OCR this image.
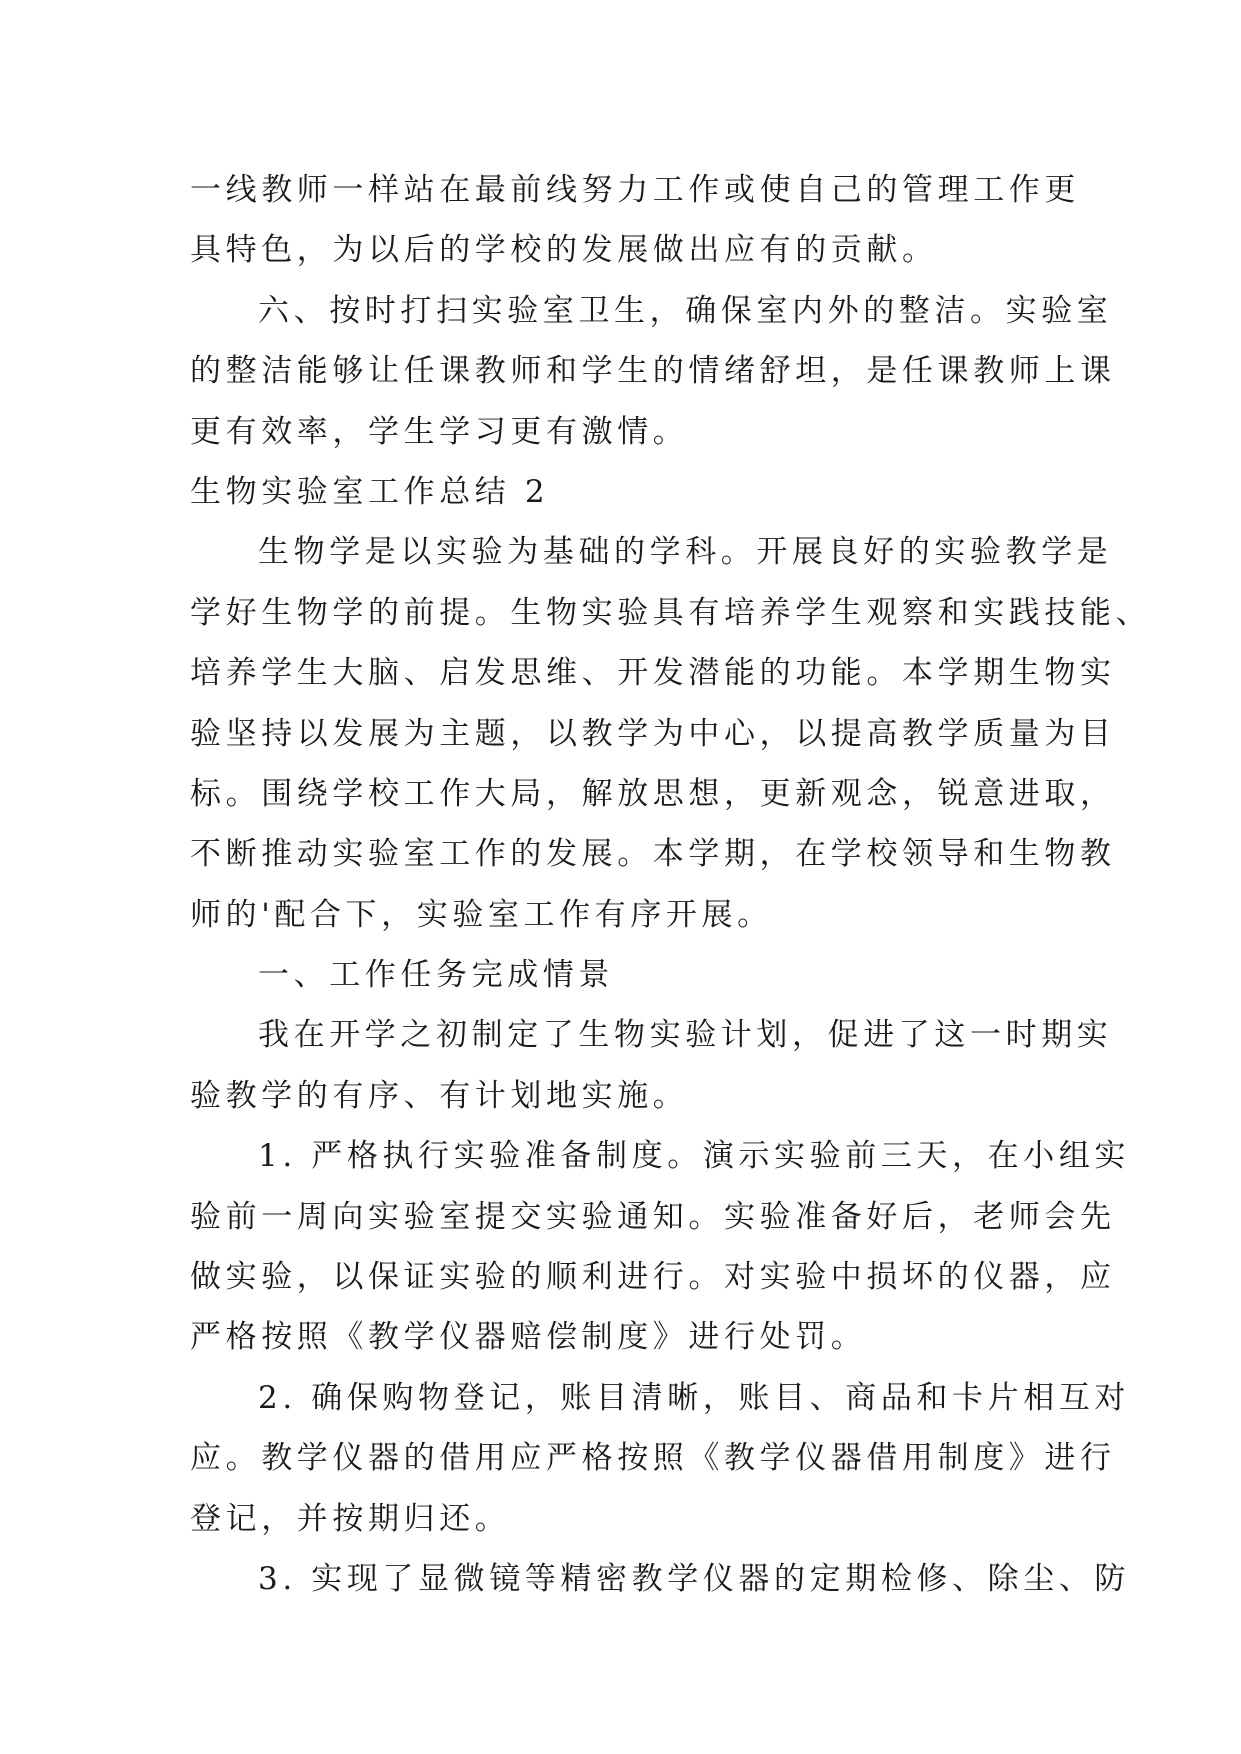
一线教师一样站在最前线努力工作或使自己的管理工作更
具特色，为以后的学校的发展做出应有的贡献。
六、按时打扫实验室卫生，确保室内外的整洁。实验室
的整洁能够让任课教师和学生的情绪舒坦，是任课教师上课
更有效率，学生学习更有激情。
生物实验室工作总结 2
生物学是以实验为基础的学科。开展良好的实验教学是
学好生物学的前提。生物实验具有培养学生观察和实践技能、
培养学生大脑、启发思维、开发潜能的功能。本学期生物实
验坚持以发展为主题，以教学为中心，以提高教学质量为目
标。围绕学校工作大局，解放思想，更新观念，锐意进取，
不断推动实验室工作的发展。本学期，在学校领导和生物教
师的'配合下，实验室工作有序开展。
一、工作任务完成情景
我在开学之初制定了生物实验计划，促进了这一时期实
验教学的有序、有计划地实施。
1. 严格执行实验准备制度。演示实验前三天，在小组实
验前一周向实验室提交实验通知。实验准备好后，老师会先
做实验，以保证实验的顺利进行。对实验中损坏的仪器，应
严格按照《教学仪器赔偿制度》进行处罚。
2. 确保购物登记，账目清晰，账目、商品和卡片相互对
应。教学仪器的借用应严格按照《教学仪器借用制度》进行
登记，并按期归还。
3. 实现了显微镜等精密教学仪器的定期检修、除尘、防
